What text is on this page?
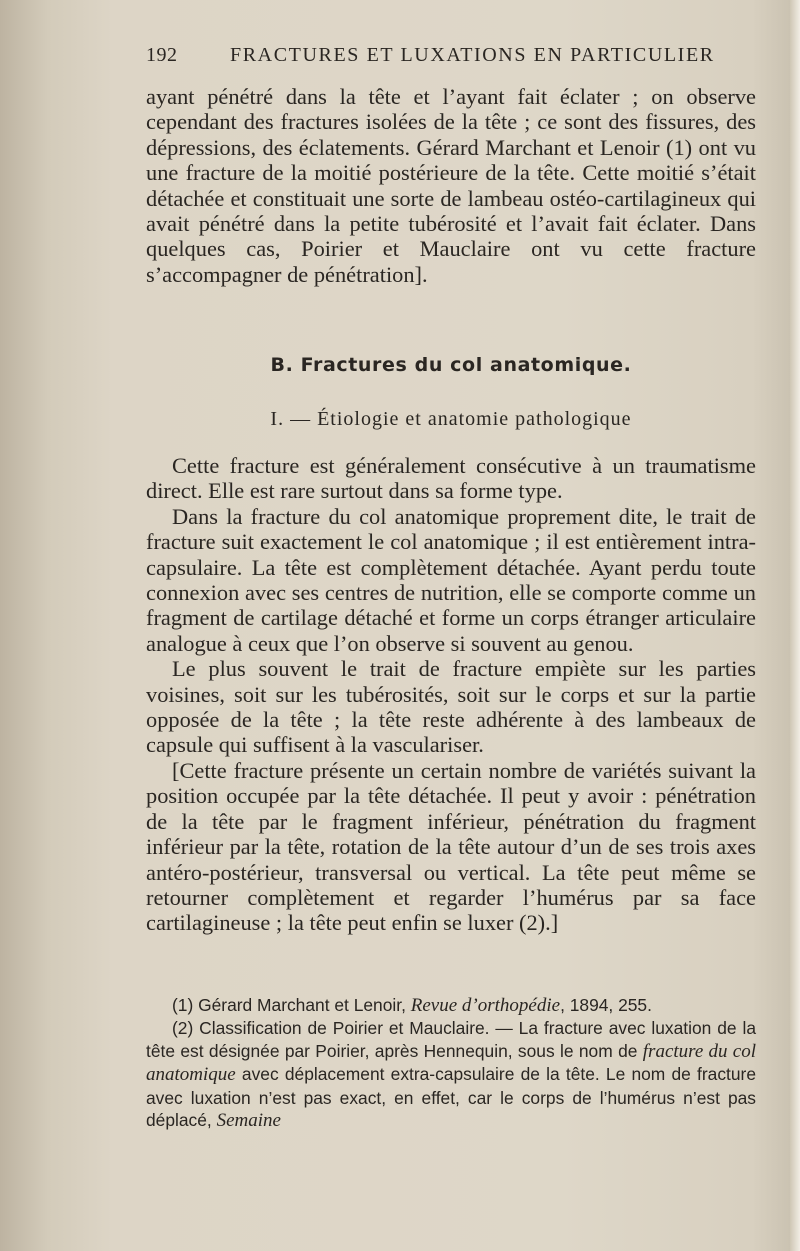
192	FRACTURES ET LUXATIONS EN PARTICULIER

ayant pénétré dans la tête et l’ayant fait éclater ; on observe cependant des fractures isolées de la tête ; ce sont des fissures, des dépressions, des éclatements. Gérard Marchant et Lenoir (1) ont vu une fracture de la moitié postérieure de la tête. Cette moitié s’était détachée et constituait une sorte de lambeau ostéo-cartilagineux qui avait pénétré dans la petite tubérosité et l’avait fait éclater. Dans quelques cas, Poirier et Mauclaire ont vu cette fracture s’accompagner de pénétration].

B. Fractures du col anatomique.
I. — Étiologie et anatomie pathologique

Cette fracture est généralement consécutive à un traumatisme direct. Elle est rare surtout dans sa forme type.

Dans la fracture du col anatomique proprement dite, le trait de fracture suit exactement le col anatomique ; il est entièrement intra-capsulaire. La tête est complètement détachée. Ayant perdu toute connexion avec ses centres de nutrition, elle se comporte comme un fragment de cartilage détaché et forme un corps étranger articulaire analogue à ceux que l’on observe si souvent au genou.

Le plus souvent le trait de fracture empiète sur les parties voisines, soit sur les tubérosités, soit sur le corps et sur la partie opposée de la tête ; la tête reste adhérente à des lambeaux de capsule qui suffisent à la vasculariser.

[Cette fracture présente un certain nombre de variétés suivant la position occupée par la tête détachée. Il peut y avoir : pénétration de la tête par le fragment inférieur, pénétration du fragment inférieur par la tête, rotation de la tête autour d’un de ses trois axes antéro-postérieur, transversal ou vertical. La tête peut même se retourner complètement et regarder l’humérus par sa face cartilagineuse ; la tête peut enfin se luxer (2).]

(1) Gérard Marchant et Lenoir, Revue d’orthopédie, 1894, 255.

(2) Classification de Poirier et Mauclaire. — La fracture avec luxation de la tête est désignée par Poirier, après Hennequin, sous le nom de fracture du col anatomique avec déplacement extra-capsulaire de la tête. Le nom de fracture avec luxation n’est pas exact, en effet, car le corps de l’humérus n’est pas déplacé, Semaine
